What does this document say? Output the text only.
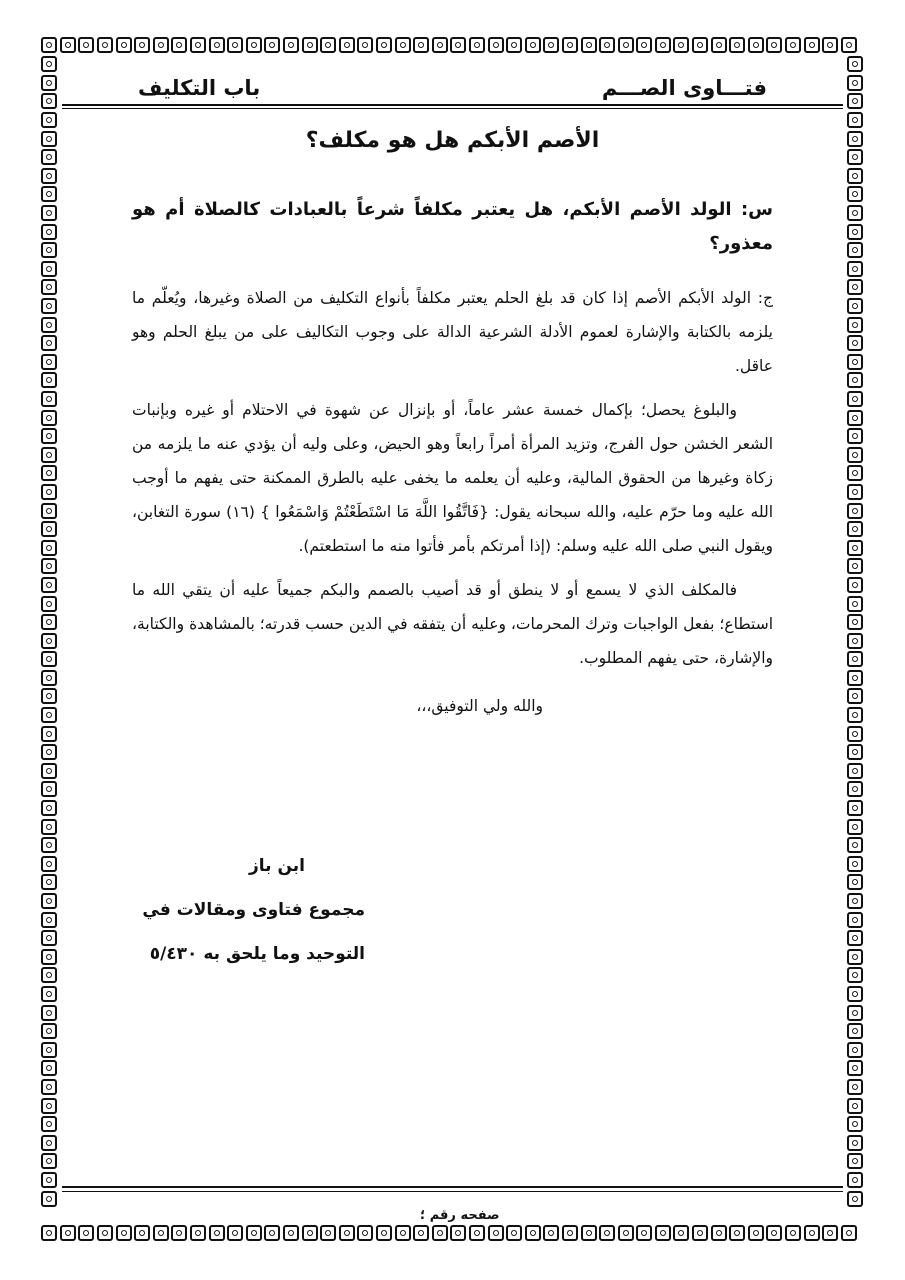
فتـــاوى الصـــم
باب التكليف
الأصم الأبكم هل هو مكلف؟
س: الولد الأصم الأبكم، هل يعتبر مكلفاً شرعاً بالعبادات كالصلاة أم هو معذور؟

ج: الولد الأبكم الأصم إذا كان قد بلغ الحلم يعتبر مكلفاً بأنواع التكليف من الصلاة وغيرها، ويُعلّم ما يلزمه بالكتابة والإشارة لعموم الأدلة الشرعية الدالة على وجوب التكاليف على من يبلغ الحلم وهو عاقل.

والبلوغ يحصل؛ بإكمال خمسة عشر عاماً، أو بإنزال عن شهوة في الاحتلام أو غيره وبإنبات الشعر الخشن حول الفرج، وتزيد المرأة أمراً رابعاً وهو الحيض، وعلى وليه أن يؤدي عنه ما يلزمه من زكاة وغيرها من الحقوق المالية، وعليه أن يعلمه ما يخفى عليه بالطرق الممكنة حتى يفهم ما أوجب الله عليه وما حرّم عليه، والله سبحانه يقول: {فَاتَّقُوا اللَّهَ مَا اسْتَطَعْتُمْ وَاسْمَعُوا } (١٦) سورة التغابن، ويقول النبي صلى الله عليه وسلم: (إذا أمرتكم بأمر فأتوا منه ما استطعتم).

فالمكلف الذي لا يسمع أو لا ينطق أو قد أصيب بالصمم والبكم جميعاً عليه أن يتقي الله ما استطاع؛ بفعل الواجبات وترك المحرمات، وعليه أن يتفقه في الدين حسب قدرته؛ بالمشاهدة والكتابة، والإشارة، حتى يفهم المطلوب.

والله ولي التوفيق،،،
ابن باز
مجموع فتاوى ومقالات في
التوحيد وما يلحق به ٥/٤٣٠
صفحه رقم ؛
